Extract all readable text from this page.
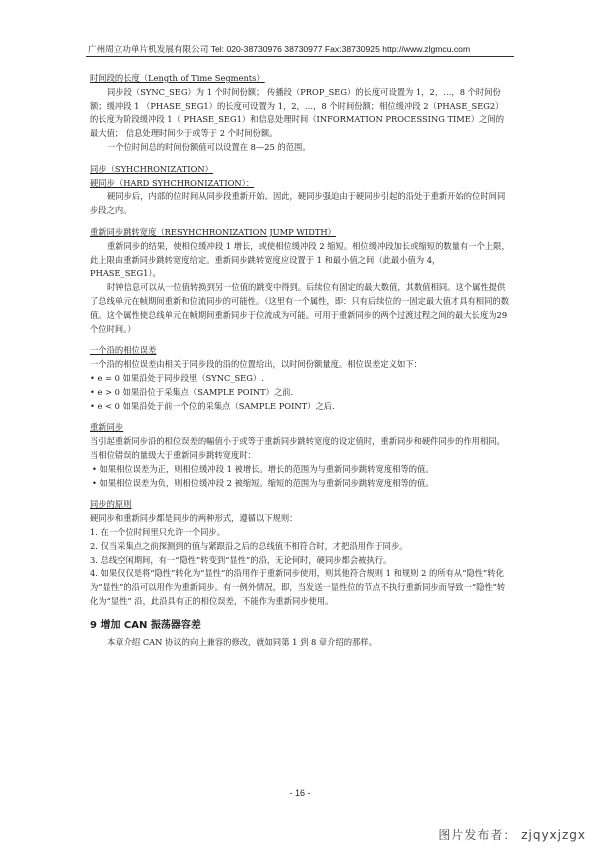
广州周立功单片机发展有限公司 Tel: 020-38730976 38730977 Fax:38730925 http://www.zlgmcu.com

时间段的长度（Length of Time Segments）

同步段（SYNC_SEG）为 1 个时间份额； 传播段（PROP_SEG）的长度可设置为 1，2，…，8 个时间份额；缓冲段 1 （PHASE_SEG1）的长度可设置为 1，2，…，8 个时间份额；相位缓冲段 2（PHASE_SEG2）的长度为阶段缓冲段 1（ PHASE_SEG1）和信息处理时间（INFORMATION PROCESSING TIME）之间的最大值； 信息处理时间少于或等于 2 个时间份额。

一个位时间总的时间份额值可以设置在 8—25 的范围。

同步（SYHCHRONIZATION）

硬同步（HARD SYHCHRONIZATION）：

硬同步后，内部的位时间从同步段重新开始。因此，硬同步强迫由于硬同步引起的沿处于重新开始的位时间同步段之内。

重新同步跳转宽度（RESYHCHRONIZATION JUMP WIDTH）

重新同步的结果，使相位缓冲段 1 增长，或使相位缓冲段 2 缩短。相位缓冲段加长或缩短的数量有一个上限，此上限由重新同步跳转宽度给定。重新同步跳转宽度应设置于 1 和最小值之间（此最小值为 4，PHASE_SEG1）。

时钟信息可以从一位值转换到另一位值的跳变中得到。后续位有固定的最大数值，其数值相同。这个属性提供了总线单元在帧期间重新和位流同步的可能性。（这里有一个属性，即：只有后续位的一固定最大值才具有相同的数值。这个属性使总线单元在帧期间重新同步于位流成为可能。可用于重新同步的两个过渡过程之间的最大长度为29个位时间。）

一个沿的相位误差

一个沿的相位误差由相关于同步段的沿的位置给出，以时间份额量度。相位误差定义如下：

• e = 0 如果沿处于同步段里（SYNC_SEG）.

• e > 0 如果沿位于采集点（SAMPLE POINT）之前.

• e < 0 如果沿处于前一个位的采集点（SAMPLE POINT）之后.

重新同步

当引起重新同步沿的相位误差的幅值小于或等于重新同步跳转宽度的设定值时，重新同步和硬件同步的作用相同。当相位错误的量级大于重新同步跳转宽度时：

• 如果相位误差为正，则相位缓冲段 1 被增长。增长的范围为与重新同步跳转宽度相等的值。

• 如果相位误差为负，则相位缓冲段 2 被缩短。缩短的范围为与重新同步跳转宽度相等的值。

同步的原则

硬同步和重新同步都是同步的两种形式，遵循以下规则：

1. 在一个位时间里只允许一个同步。

2. 仅当采集点之前探测到的值与紧跟沿之后的总线值不相符合时，才把沿用作于同步。

3. 总线空闲期间，有一“隐性”转变到“显性”的沿，无论何时，硬同步都会被执行。

4. 如果仅仅是将“隐性”转化为“显性”的沿用作于重新同步使用，则其他符合规则 1 和规则 2 的所有从“隐性”转化为“显性”的沿可以用作为重新同步。有一例外情况，即，当发送一显性位的节点不执行重新同步而导致一“隐性”转化为“显性” 沿，此沿具有正的相位误差，不能作为重新同步使用。

9 增加 CAN 振荡器容差

本章介绍 CAN 协议的向上兼容的修改，就如同第 1 到 8 章介绍的那样。

- 16 -
图片发布者： zjqyxjzgx
